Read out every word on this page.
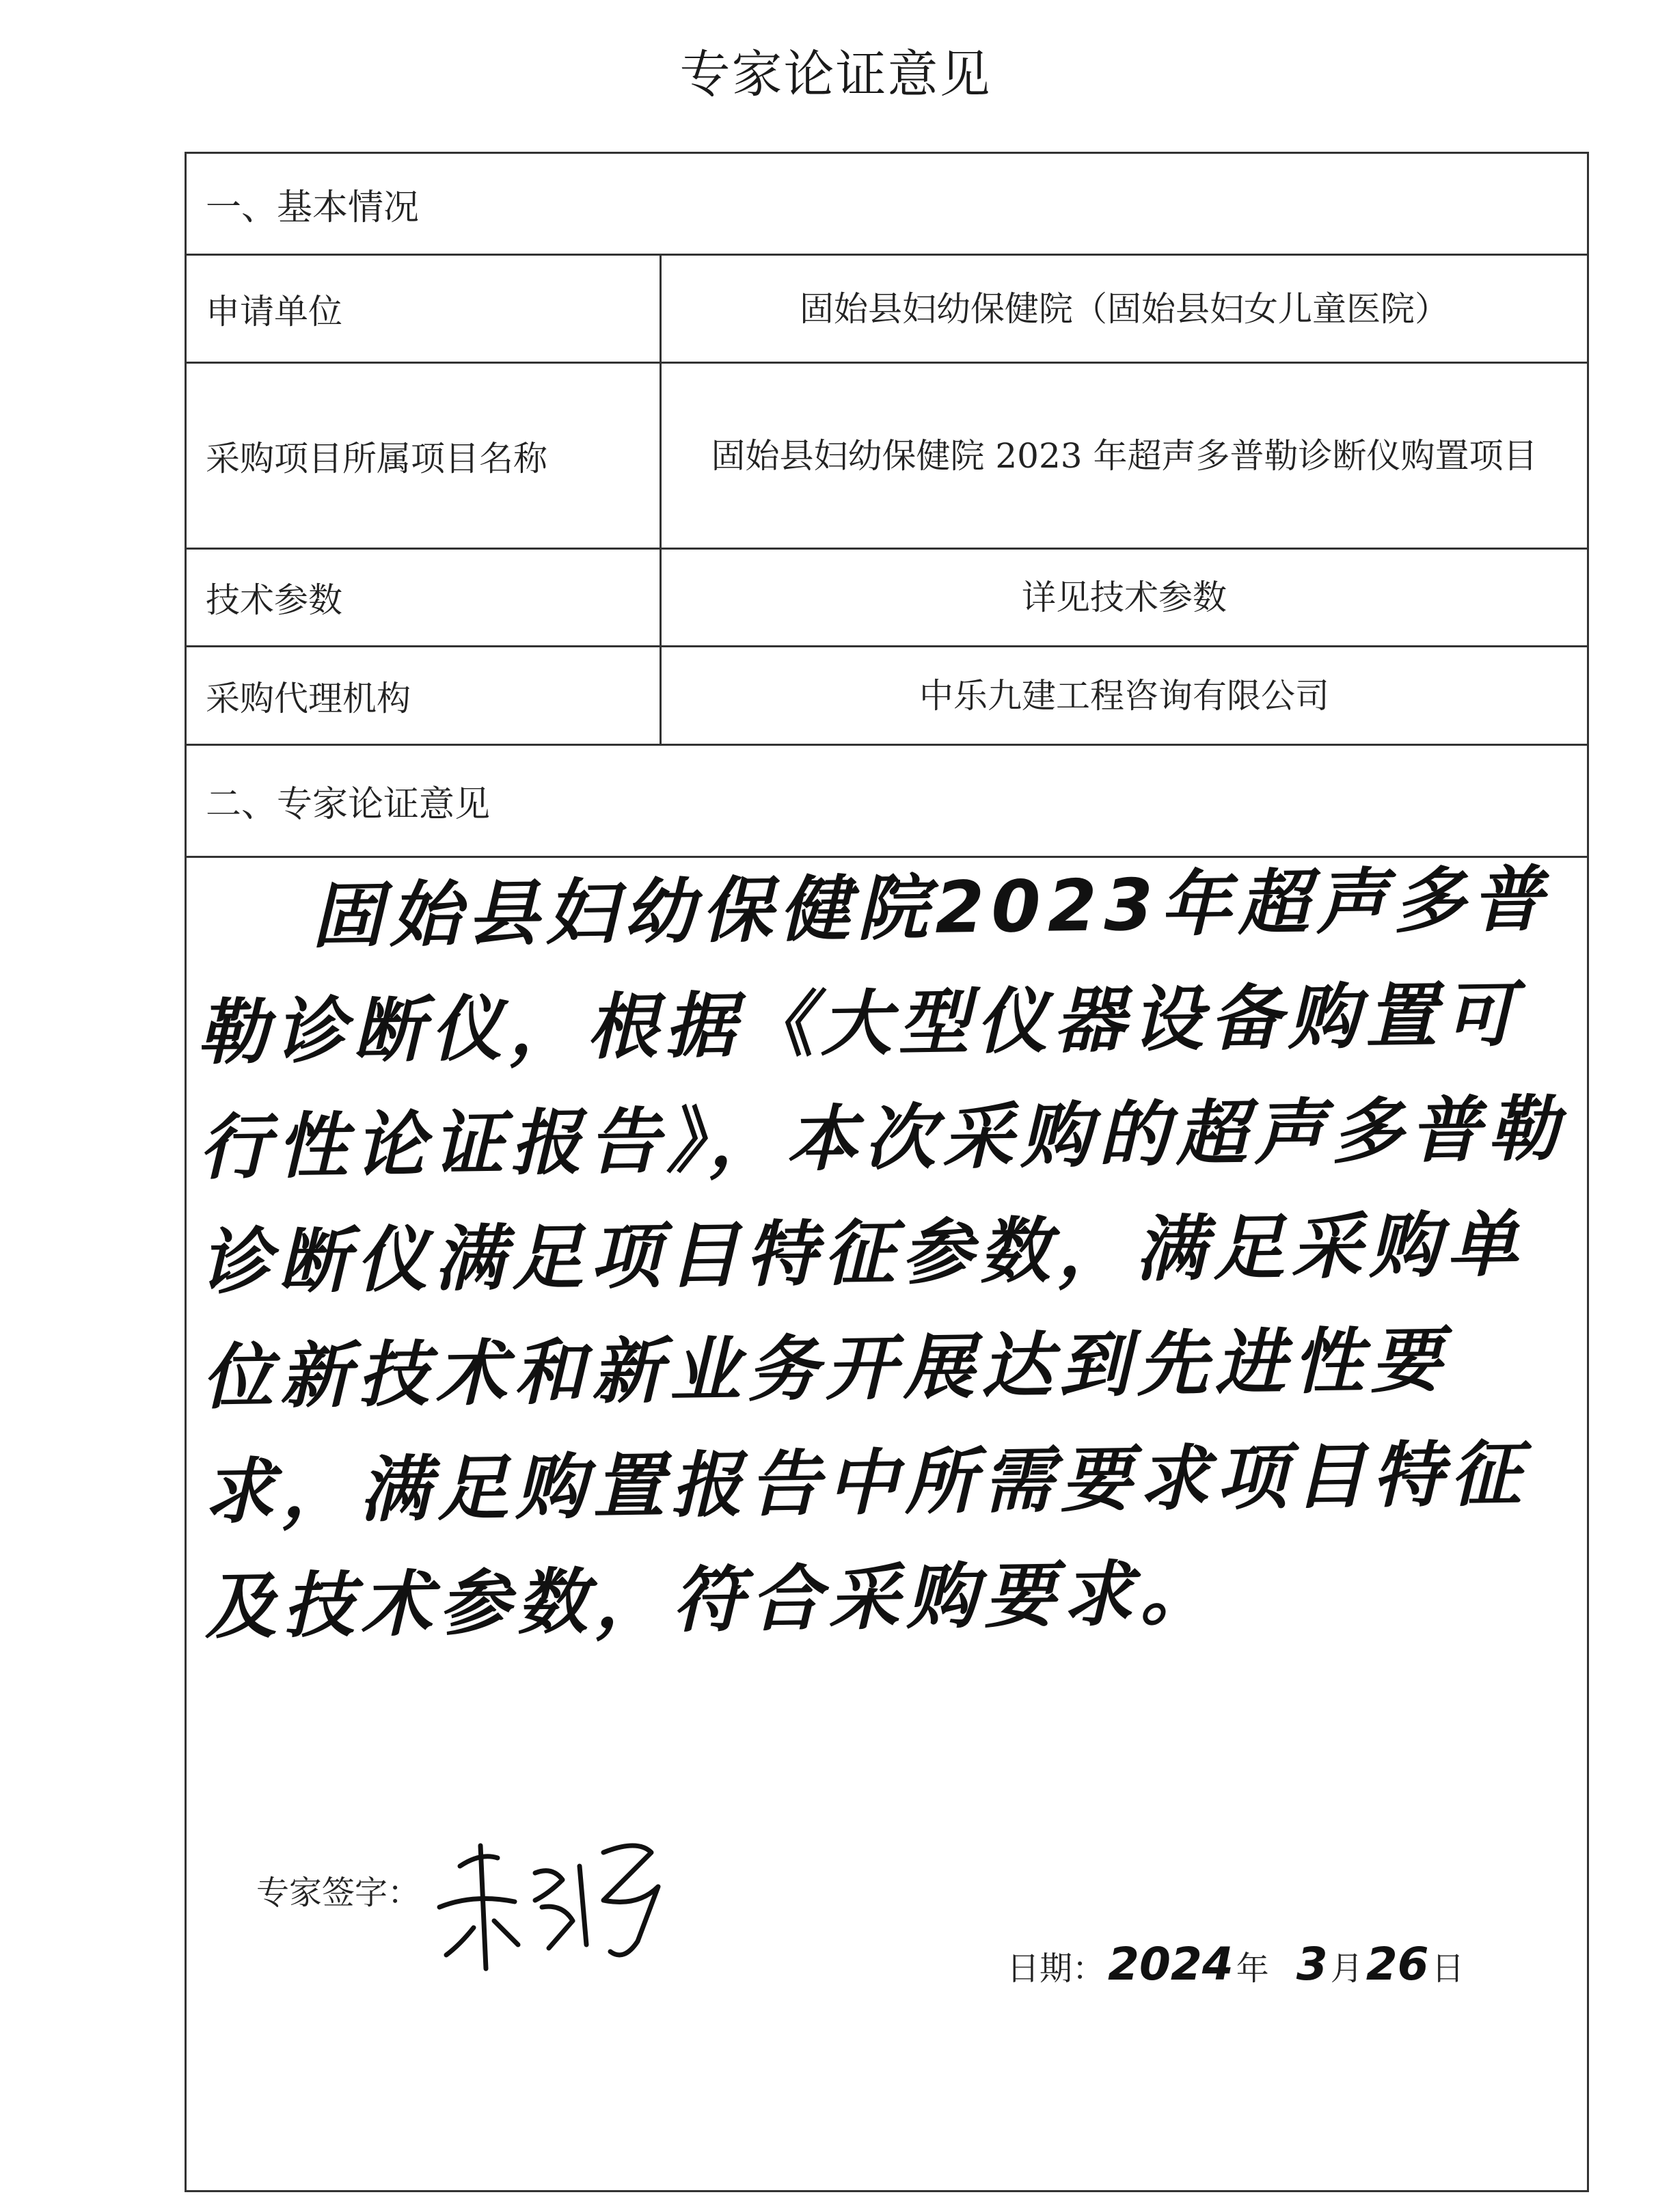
专家论证意见
一、基本情况
申请单位	固始县妇幼保健院（固始县妇女儿童医院）
采购项目所属项目名称	固始县妇幼保健院 2023 年超声多普勒诊断仪购置项目
技术参数	详见技术参数
采购代理机构	中乐九建工程咨询有限公司
二、专家论证意见
固始县妇幼保健院2023年超声多普勒诊断仪，根据《大型仪器设备购置可行性论证报告》，本次采购的超声多普勒诊断仪满足项目特征参数，满足采购单位新技术和新业务开展达到先进性要求，满足购置报告中所需要求项目特征及技术参数，符合采购要求。
专家签字：
日期： 2024 年 3 月 26 日
